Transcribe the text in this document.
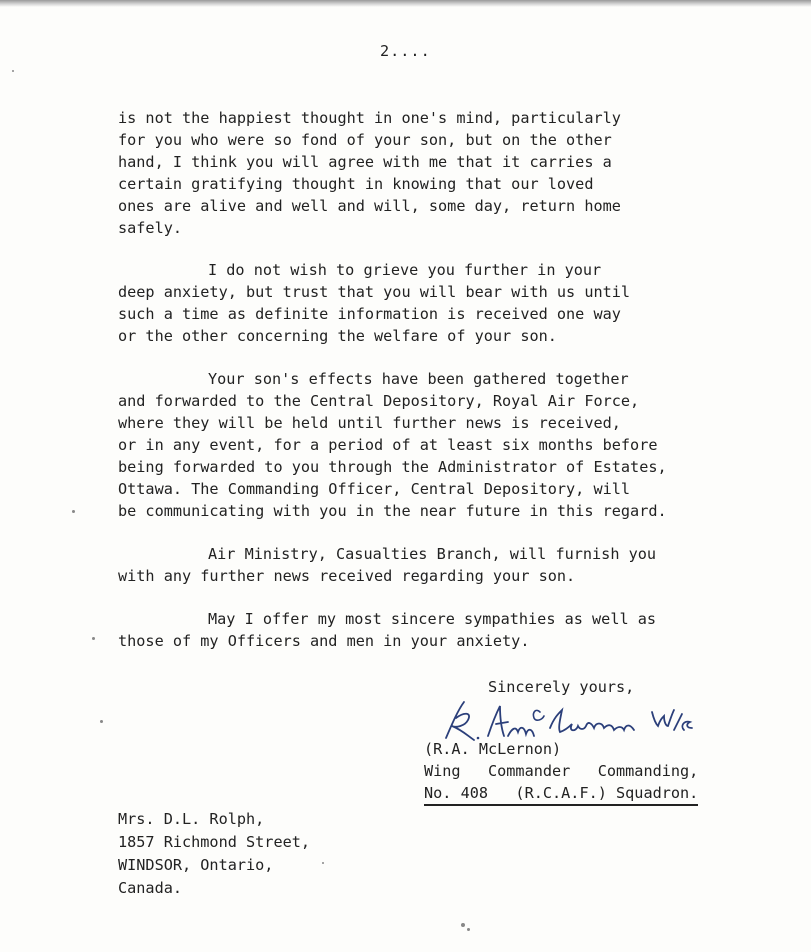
2....
is not the happiest thought in one's mind, particularly
for you who were so fond of your son, but on the other
hand, I think you will agree with me that it carries a
certain gratifying thought in knowing that our loved
ones are alive and well and will, some day, return home
safely.
I do not wish to grieve you further in your
deep anxiety, but trust that you will bear with us until
such a time as definite information is received one way
or the other concerning the welfare of your son.
Your son's effects have been gathered together
and forwarded to the Central Depository, Royal Air Force,
where they will be held until further news is received,
or in any event, for a period of at least six months before
being forwarded to you through the Administrator of Estates,
Ottawa. The Commanding Officer, Central Depository, will
be communicating with you in the near future in this regard.
Air Ministry, Casualties Branch, will furnish you
with any further news received regarding your son.
May I offer my most sincere sympathies as well as
those of my Officers and men in your anxiety.
Sincerely yours,
(R.A. McLernon)
Wing   Commander   Commanding,
No. 408   (R.C.A.F.) Squadron.
Mrs. D.L. Rolph,
1857 Richmond Street,
WINDSOR, Ontario,
Canada.
